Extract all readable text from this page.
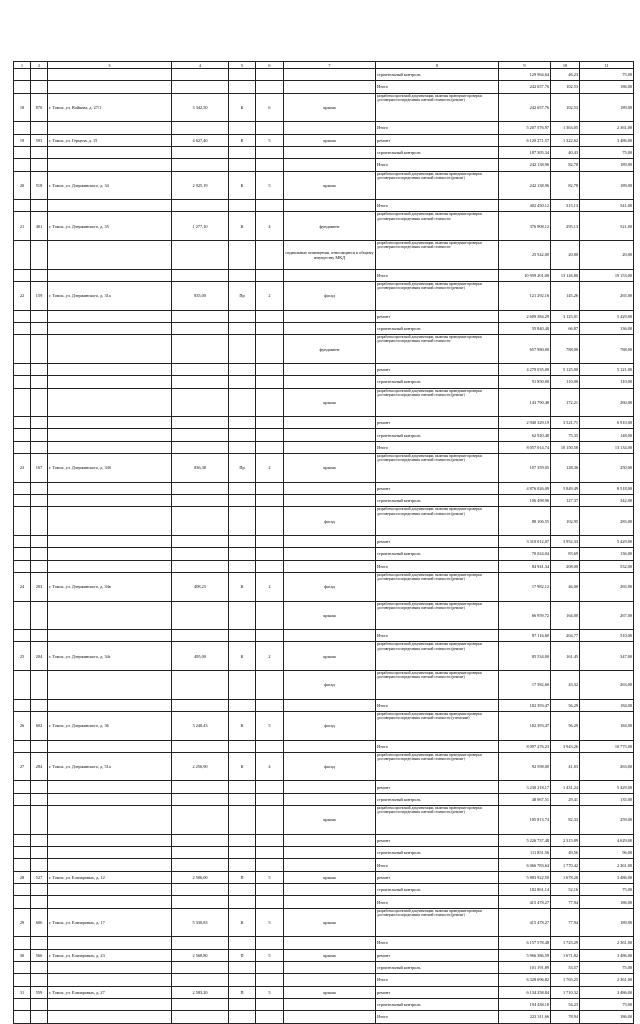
1	2	3	4	5	6	7	8	9	10	11
							строительный контроль	129 964,64	46,23	75,00
							Итого	242 657,76	102,53	186,00
18	870	г. Томск, ул. Войкова, д. 27/1	3 342,50	К	6	крыша	разработка проектной документации, включая проведение проверки достоверности определения сметной стоимости (ремонт)	242 657,76	102,53	189,00
							Итого	5 207 576,97	1 363,05	2 361,00
19	593	г. Томск, ул. Герцена, д. 15	4 627,40	К	5	крыша	ремонт	6 120 271,57	1 322,62	3 486,00
							строительный контроль	187 305,34	40,43	75,00
							Итого	242 138,96	82,78	189,00
20	518	г. Томск, ул. Дзержинского, д. 34	2 925,19	К	5	крыша	разработка проектной документации, включая проведение проверки достоверности определения сметной стоимости (ремонт)	242 138,96	82,78	189,00
							Итого	402 450,12	315,13	541,00
21	401	г. Томск, ул. Дзержинского, д. 35	1 277,10	К	4	фундамент	разработка проектной документации, включая проведение проверки достоверности определения сметной стоимости	376 908,12	295,13	521,00
						подвальные помещения, относящиеся к общему имуществу МКД	разработка проектной документации, включая проведение проверки достоверности определения сметной стоимости	25 542,00	20,00	20,00
							Итого	10 959 201,00	13 126,80	19 153,00
22	159	г. Томск, ул. Дзержинского, д. 31а	835,00	Пр	2	фасад	разработка проектной документации, включая проведение проверки достоверности определения сметной стоимости (ремонт)	121 292,16	145,26	265,00
							ремонт	2 609 384,29	3 125,01	5 429,00
							строительный контроль	55 840,40	66,87	136,00
						фундамент	разработка проектной документации, включая проведение проверки достоверности определения сметной стоимости	657 980,00	788,00	788,00
							ремонт	4 279 035,00	5 125,00	5 121,00
							строительный контроль	91 850,00	110,00	110,00
						крыша	разработка проектной документации, включая проведение проверки достоверности определения сметной стоимости (ремонт)	143 790,48	172,21	260,00
							ремонт	2 940 329,19	3 521,71	6 910,00
							строительный контроль	62 920,48	75,35	148,00
							Итого	8 057 014,74	10 150,58	13 134,00
23	167	г. Томск, ул. Дзержинского, д. 34б	836,38	Пр	2	крыша	разработка проектной документации, включая проведение проверки достоверности определения сметной стоимости (ремонт)	107 359,05	128,36	250,00
							ремонт	4 876 026,09	5 849,49	8 518,00
							строительный контроль	106 498,96	127,37	342,00
						фасад	разработка проектной документации, включая проведение проверки достоверности определения сметной стоимости (ремонт)	88 106,55	102,95	283,00
							ремонт	3 310 012,07	3 952,33	5 429,00
							строительный контроль	70 024,04	83,69	136,00
							Итого	84 941,34	208,00	532,00
24	203	г. Томск, ул. Дзержинского, д. 34в	408,23	К	2	фасад	разработка проектной документации, включая проведение проверки достоверности определения сметной стоимости (ремонт)	17 982,12	46,00	265,00
						крыша	разработка проектной документации, включая проведение проверки достоверности определения сметной стоимости (ремонт)	66 959,72	164,00	267,00
							Итого	87 116,60	204,77	510,00
25	204	г. Томск, ул. Дзержинского, д. 34г	495,00	К	2	крыша	разработка проектной документации, включая проведение проверки достоверности определения сметной стоимости (ремонт)	85 534,00	161,45	347,00
						фасад	разработка проектной документации, включая проведение проверки достоверности определения сметной стоимости (ремонт)	17 582,60	43,32	263,00
							Итого	182 393,47	56,29	184,00
26	602	г. Томск, ул. Дзержинского, д. 36	3 240,43	К	5	фасад	разработка проектной документации, включая проведение проверки достоверности определения сметной стоимости (утепление)	182 393,47	56,29	184,00
							Итого	8 097 276,23	3 943,26	10 775,00
27	284	г. Томск, ул. Дзержинского, д. 51а	2 256,90	К	4	фасад	разработка проектной документации, включая проведение проверки достоверности определения сметной стоимости (ремонт)	92 598,00	41,03	263,00
							ремонт	3 230 218,17	1 431,24	5 429,00
							строительный контроль	48 067,51	29,41	135,00
						крыша	разработка проектной документации, включая проведение проверки достоверности определения сметной стоимости (ремонт)	185 813,74	82,33	259,00
							ремонт	5 226 737,48	2 315,89	4 629,00
							строительный контроль	111 851,56	49,56	96,00
							Итого	6 066 783,64	1 770,42	2 361,00
28	527	г. Томск, ул. Елизаровых, д. 12	2 506,00	П	5	крыша	ремонт	5 883 922,50	1 678,28	3 486,00
							строительный контроль	182 861,14	52,16	75,00
							Итого	415 478,27	77,94	186,00
29	606	г. Томск, ул. Елизаровых, д. 17	5 330,83	К	5	крыша	разработка проектной документации, включая проведение проверки достоверности определения сметной стоимости (ремонт)	415 478,27	77,94	189,00
							Итого	6 157 578,48	1 725,29	2 361,00
30	566	г. Томск, ул. Елизаровых, д. 23	2 568,80	П	5	крыша	ремонт	5 966 386,59	1 671,82	3 486,00
							строительный контроль	101 191,89	53,57	75,00
							Итого	6 328 696,82	1 765,25	2 361,00
31	559	г. Томск, ул. Елизаровых, д. 27	2 583,20	П	5	крыша	ремонт	6 134 258,84	1 710,32	3 486,00
							строительный контроль	194 438,18	54,23	75,00
							Итого	223 311,66	78,94	186,00
